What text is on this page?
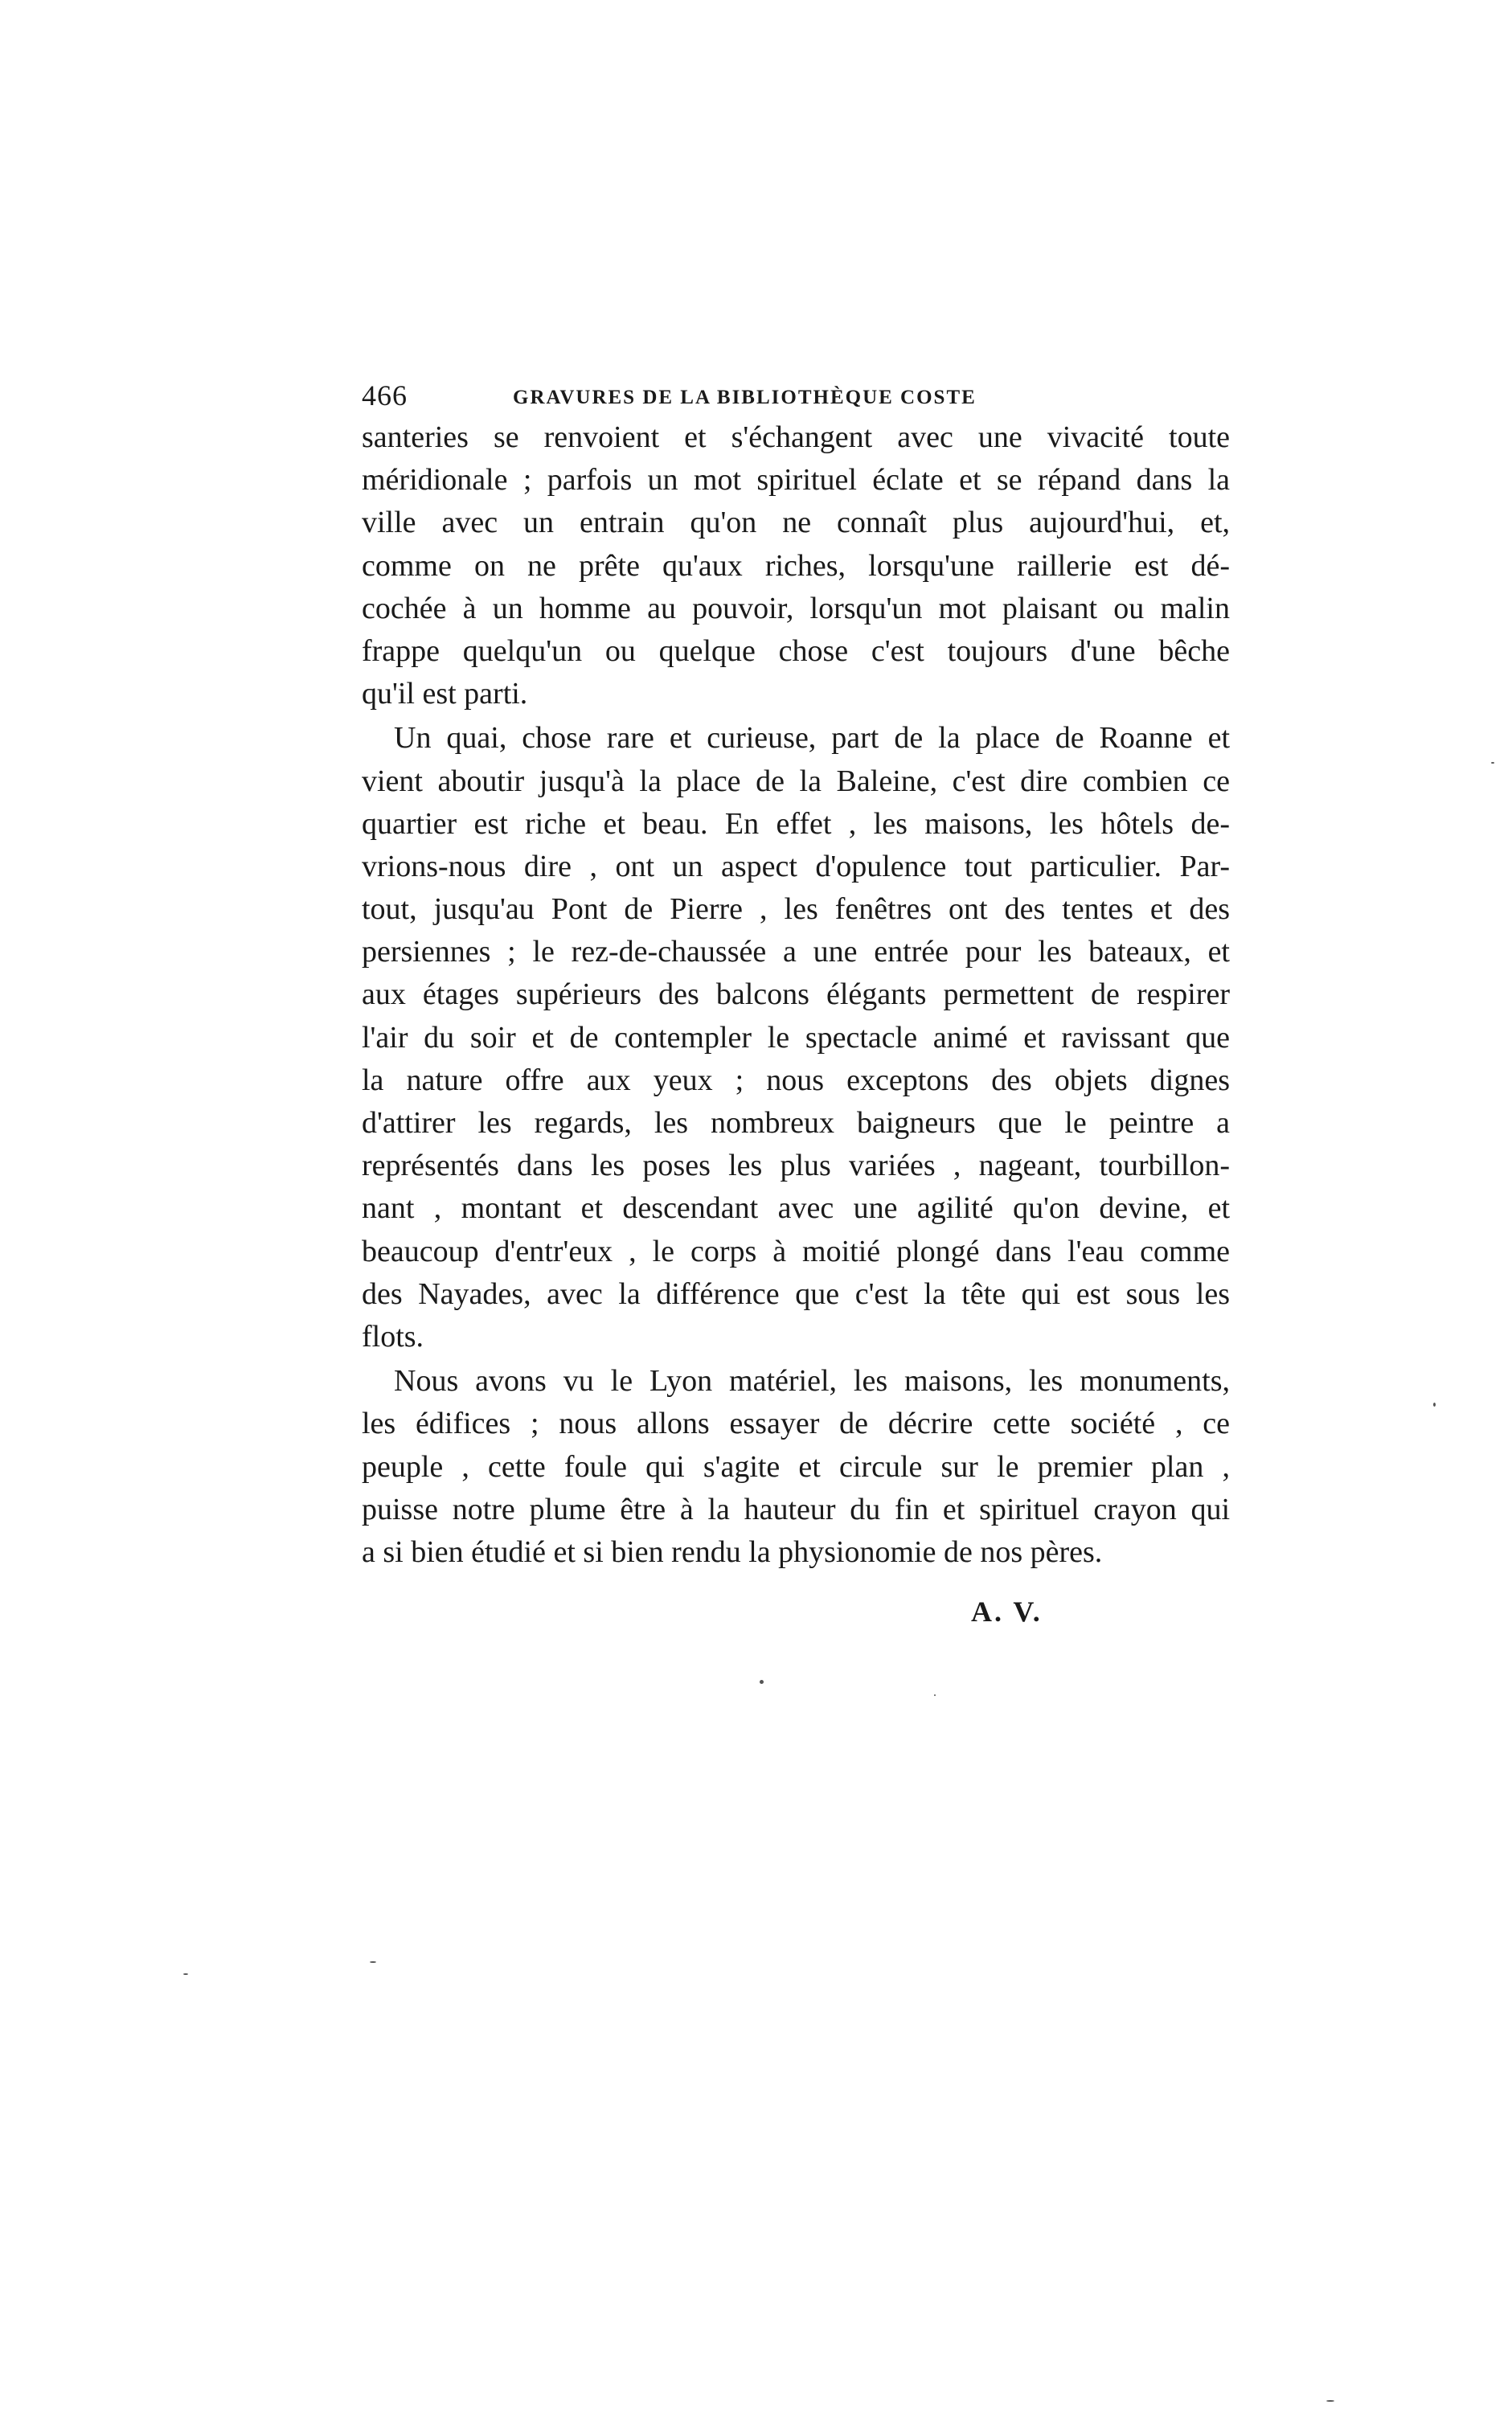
466	GRAVURES DE LA BIBLIOTHÈQUE COSTE
santeries se renvoient et s'échangent avec une vivacité toute
méridionale ; parfois un mot spirituel éclate et se répand dans la
ville avec un entrain qu'on ne connaît plus aujourd'hui, et,
comme on ne prête qu'aux riches, lorsqu'une raillerie est dé-
cochée à un homme au pouvoir, lorsqu'un mot plaisant ou malin
frappe quelqu'un ou quelque chose c'est toujours d'une bêche
qu'il est parti.
Un quai, chose rare et curieuse, part de la place de Roanne et
vient aboutir jusqu'à la place de la Baleine, c'est dire combien ce
quartier est riche et beau. En effet , les maisons, les hôtels de-
vrions-nous dire , ont un aspect d'opulence tout particulier. Par-
tout, jusqu'au Pont de Pierre , les fenêtres ont des tentes et des
persiennes ; le rez-de-chaussée a une entrée pour les bateaux, et
aux étages supérieurs des balcons élégants permettent de respirer
l'air du soir et de contempler le spectacle animé et ravissant que
la nature offre aux yeux ; nous exceptons des objets dignes
d'attirer les regards, les nombreux baigneurs que le peintre a
représentés dans les poses les plus variées , nageant, tourbillon-
nant , montant et descendant avec une agilité qu'on devine, et
beaucoup d'entr'eux , le corps à moitié plongé dans l'eau comme
des Nayades, avec la différence que c'est la tête qui est sous les
flots.
Nous avons vu le Lyon matériel, les maisons, les monuments,
les édifices ; nous allons essayer de décrire cette société , ce
peuple , cette foule qui s'agite et circule sur le premier plan ,
puisse notre plume être à la hauteur du fin et spirituel crayon qui
a si bien étudié et si bien rendu la physionomie de nos pères.
A. V.
